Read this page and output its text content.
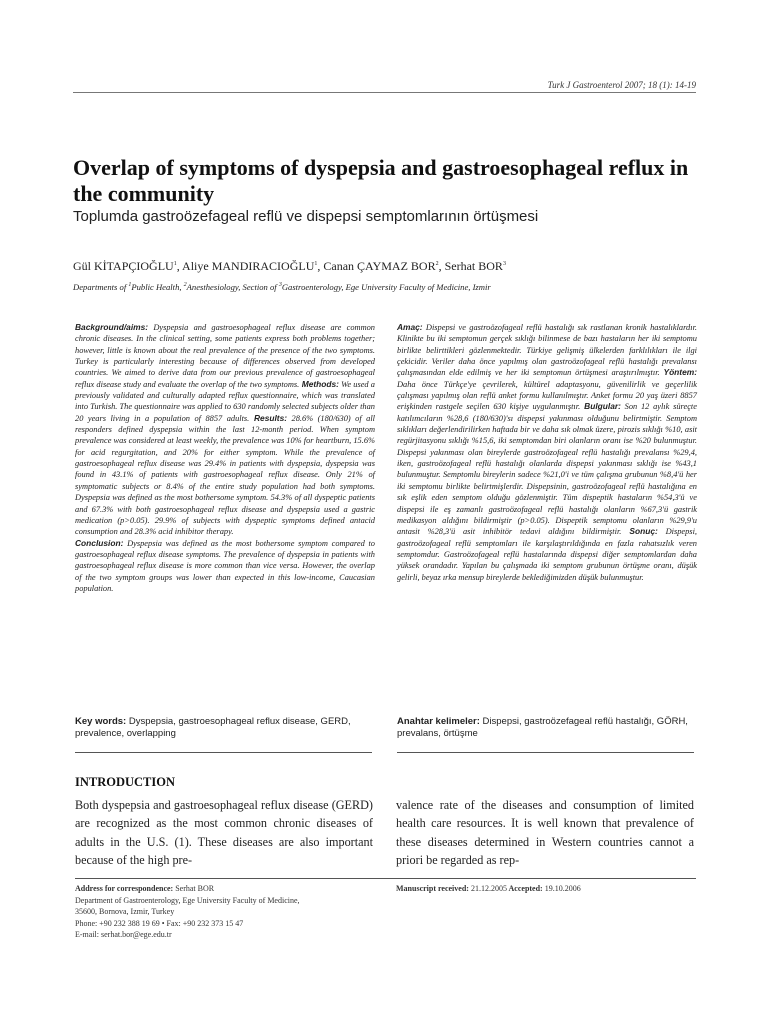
Turk J Gastroenterol 2007; 18 (1): 14-19
Overlap of symptoms of dyspepsia and gastroesophageal reflux in the community
Toplumda gastroözefageal reflü ve dispepsi semptomlarının örtüşmesi

Gül KİTAPÇIOĞLU$^1$, Aliye MANDIRACIOĞLU$^1$, Canan ÇAYMAZ BOR$^2$, Serhat BOR$^3$

Departments of $^1$Public Health, $^2$Anesthesiology, Section of $^3$Gastroenterology, Ege University Faculty of Medicine, Izmir

Background/aims: Dyspepsia and gastroesophageal reflux disease are common chronic diseases. In the clinical setting, some patients express both problems together; however, little is known about the real prevalence of the presence of the two symptoms. Turkey is particularly interesting because of differences observed from developed countries. We aimed to derive data from our previous prevalence of gastroesophageal reflux disease study and evaluate the overlap of the two symptoms. Methods: We used a previously validated and culturally adapted reflux questionnaire, which was translated into Turkish. The questionnaire was applied to 630 randomly selected subjects older than 20 years living in a population of 8857 adults. Results: 28.6% (180/630) of all responders defined dyspepsia within the last 12-month period. When symptom prevalence was considered at least weekly, the prevalence was 10% for heartburn, 15.6% for acid regurgitation, and 20% for either symptom. While the prevalence of gastroesophageal reflux disease was 29.4% in patients with dyspepsia, dyspepsia was found in 43.1% of patients with gastroesophageal reflux disease. Only 21% of symptomatic subjects or 8.4% of the entire study population had both symptoms. Dyspepsia was defined as the most bothersome symptom. 54.3% of all dyspeptic patients and 67.3% with both gastroesophageal reflux disease and dyspepsia used a gastric medication (p>0.05). 29.9% of subjects with dyspeptic symptoms defined antacid consumption and 28.3% acid inhibitor therapy.
Conclusion: Dyspepsia was defined as the most bothersome symptom compared to gastroesophageal reflux disease symptoms. The prevalence of dyspepsia in patients with gastroesophageal reflux disease is more common than vice versa. However, the overlap of the two symptom groups was lower than expected in this low-income, Caucasian population.

Amaç: Dispepsi ve gastroözofageal reflü hastalığı sık rastlanan kronik hastalıklardır. Klinikte bu iki semptomun gerçek sıklığı bilinmese de bazı hastaların her iki semptomu birlikte belirttikleri gözlenmektedir. Türkiye gelişmiş ülkelerden farklılıkları ile ilgi çekicidir. Veriler daha önce yapılmış olan gastroözofageal reflü hastalığı prevalansı çalışmasından elde edilmiş ve her iki semptomun örtüşmesi araştırılmıştır. Yöntem: Daha önce Türkçe'ye çevrilerek, kültürel adaptasyonu, güvenilirlik ve geçerlilik çalışması yapılmış olan reflü anket formu kullanılmıştır. Anket formu 20 yaş üzeri 8857 erişkinden rastgele seçilen 630 kişiye uygulanmıştır. Bulgular: Son 12 aylık süreçte katılımcıların %28,6 (180/630)'sı dispepsi yakınması olduğunu belirtmiştir. Semptom sıklıkları değerlendirilirken haftada bir ve daha sık olmak üzere, pirozis sıklığı %10, asit regürjitasyonu sıklığı %15,6, iki semptomdan biri olanların oranı ise %20 bulunmuştur. Dispepsi yakınması olan bireylerde gastroözofageal reflü hastalığı prevalansı %29,4, iken, gastroözofageal reflü hastalığı olanlarda dispepsi yakınması sıklığı ise %43,1 bulunmuştur. Semptomlu bireylerin sadece %21,0'i ve tüm çalışma grubunun %8,4'ü her iki semptomu birlikte belirtmişlerdir. Dispepsinin, gastroözofageal reflü hastalığına en sık eşlik eden semptom olduğu gözlenmiştir. Tüm dispeptik hastaların %54,3'ü ve dispepsi ile eş zamanlı gastroözofageal reflü hastalığı olanların %67,3'ü gastrik medikasyon aldığını bildirmiştir (p>0.05). Dispeptik semptomu olanların %29,9'u antasit %28,3'ü asit inhibitör tedavi aldığını bildirmiştir. Sonuç: Dispepsi, gastroözofageal reflü semptomları ile karşılaştırıldığında en fazla rahatsızlık veren semptomdur. Gastroözofageal reflü hastalarında dispepsi diğer semptomlardan daha yüksek orandadır. Yapılan bu çalışmada iki semptom grubunun örtüşme oranı, düşük gelirli, beyaz ırka mensup bireylerde beklediğimizden düşük bulunmuştur.

Key words: Dyspepsia, gastroesophageal reflux disease, GERD, prevalence, overlapping

Anahtar kelimeler: Dispepsi, gastroözefageal reflü hastalığı, GÖRH, prevalans, örtüşme

INTRODUCTION

Both dyspepsia and gastroesophageal reflux disease (GERD) are recognized as the most common chronic diseases of adults in the U.S. (1). These diseases are also important because of the high pre-

valence rate of the diseases and consumption of limited health care resources. It is well known that prevalence of these diseases determined in Western countries cannot a priori be regarded as rep-

Address for correspondence: Serhat BOR
Department of Gastroenterology, Ege University Faculty of Medicine,
35600, Bornova, Izmir, Turkey
Phone: +90 232 388 19 69 • Fax: +90 232 373 15 47
E-mail: serhat.bor@ege.edu.tr
Manuscript received: 21.12.2005 Accepted: 19.10.2006
